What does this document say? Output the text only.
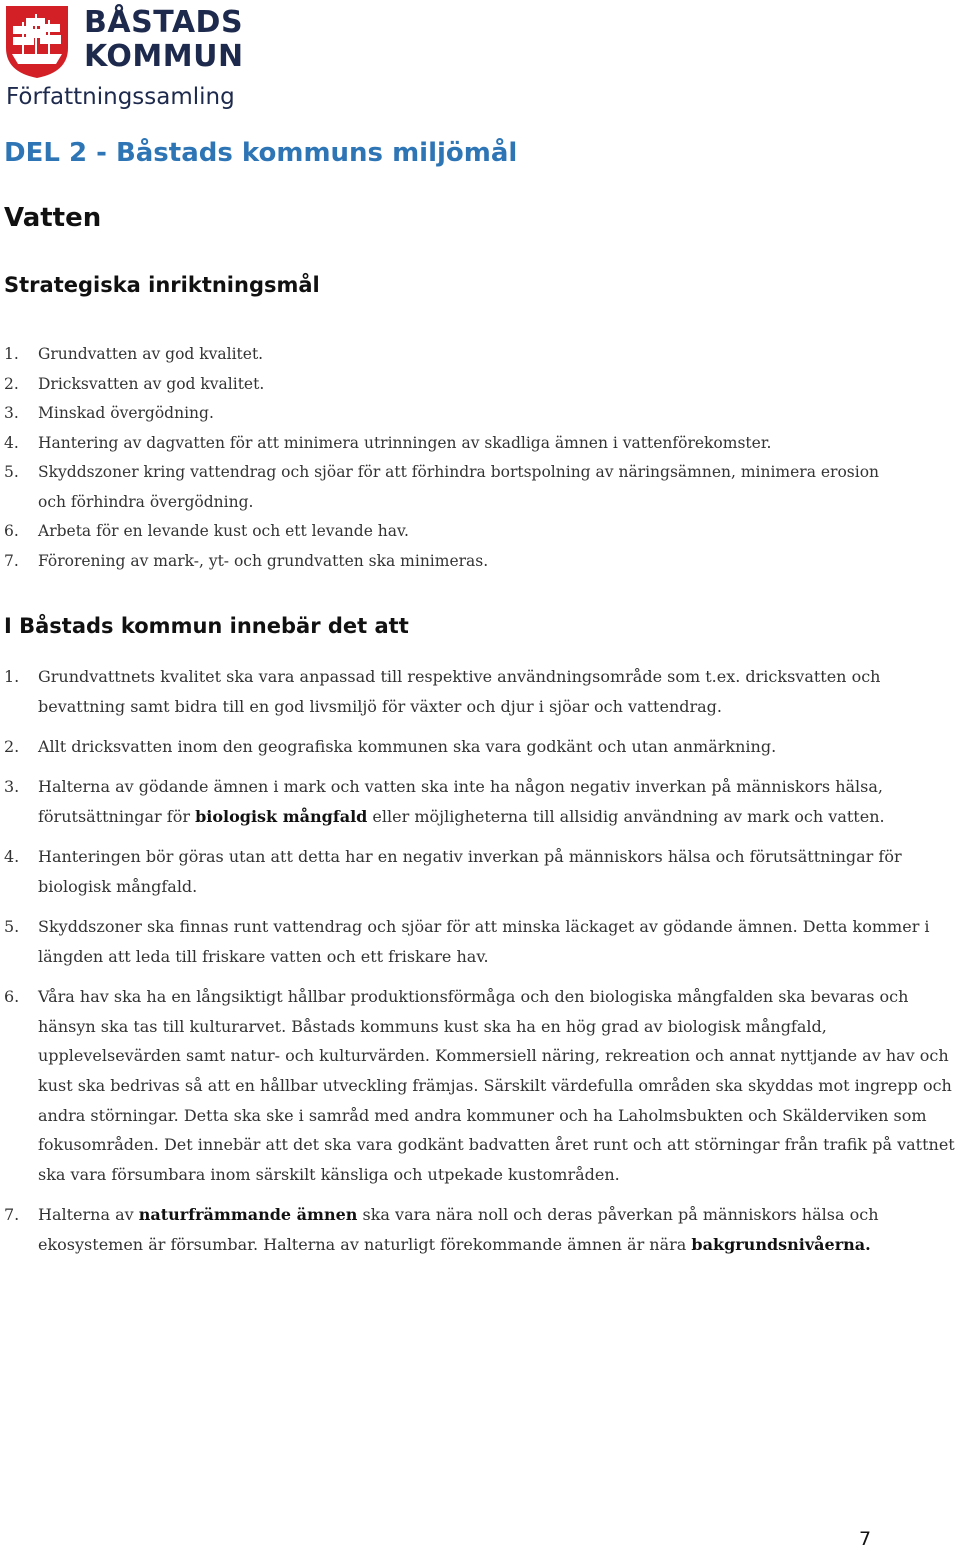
BÅSTADS
KOMMUN
Författningssamling
DEL 2 - Båstads kommuns miljömål
Vatten
Strategiska inriktningsmål
1.	Grundvatten av god kvalitet.
2.	Dricksvatten av god kvalitet.
3.	Minskad övergödning.
4.	Hantering av dagvatten för att minimera utrinningen av skadliga ämnen i vattenförekomster.
5.	Skyddszoner kring vattendrag och sjöar för att förhindra bortspolning av näringsämnen, minimera erosion och förhindra övergödning.
6.	Arbeta för en levande kust och ett levande hav.
7.	Förorening av mark-, yt- och grundvatten ska minimeras.
I Båstads kommun innebär det att
1.	Grundvattnets kvalitet ska vara anpassad till respektive användningsområde som t.ex. dricksvatten och bevattning samt bidra till en god livsmiljö för växter och djur i sjöar och vattendrag.
2.	Allt dricksvatten inom den geografiska kommunen ska vara godkänt och utan anmärkning.
3.	Halterna av gödande ämnen i mark och vatten ska inte ha någon negativ inverkan på människors hälsa, förutsättningar för biologisk mångfald eller möjligheterna till allsidig användning av mark och vatten.
4.	Hanteringen bör göras utan att detta har en negativ inverkan på människors hälsa och förutsättningar för biologisk mångfald.
5.	Skyddszoner ska finnas runt vattendrag och sjöar för att minska läckaget av gödande ämnen. Detta kommer i längden att leda till friskare vatten och ett friskare hav.
6.	Våra hav ska ha en långsiktigt hållbar produktionsförmåga och den biologiska mångfalden ska bevaras och hänsyn ska tas till kulturarvet. Båstads kommuns kust ska ha en hög grad av biologisk mångfald, upplevelsevärden samt natur- och kulturvärden. Kommersiell näring, rekreation och annat nyttjande av hav och kust ska bedrivas så att en hållbar utveckling främjas. Särskilt värdefulla områden ska skyddas mot ingrepp och andra störningar. Detta ska ske i samråd med andra kommuner och ha Laholmsbukten och Skälderviken som fokusområden. Det innebär att det ska vara godkänt badvatten året runt och att störningar från trafik på vattnet ska vara försumbara inom särskilt känsliga och utpekade kustområden.
7.	Halterna av naturfrämmande ämnen ska vara nära noll och deras påverkan på människors hälsa och ekosystemen är försumbar. Halterna av naturligt förekommande ämnen är nära bakgrundsnivåerna.
7
